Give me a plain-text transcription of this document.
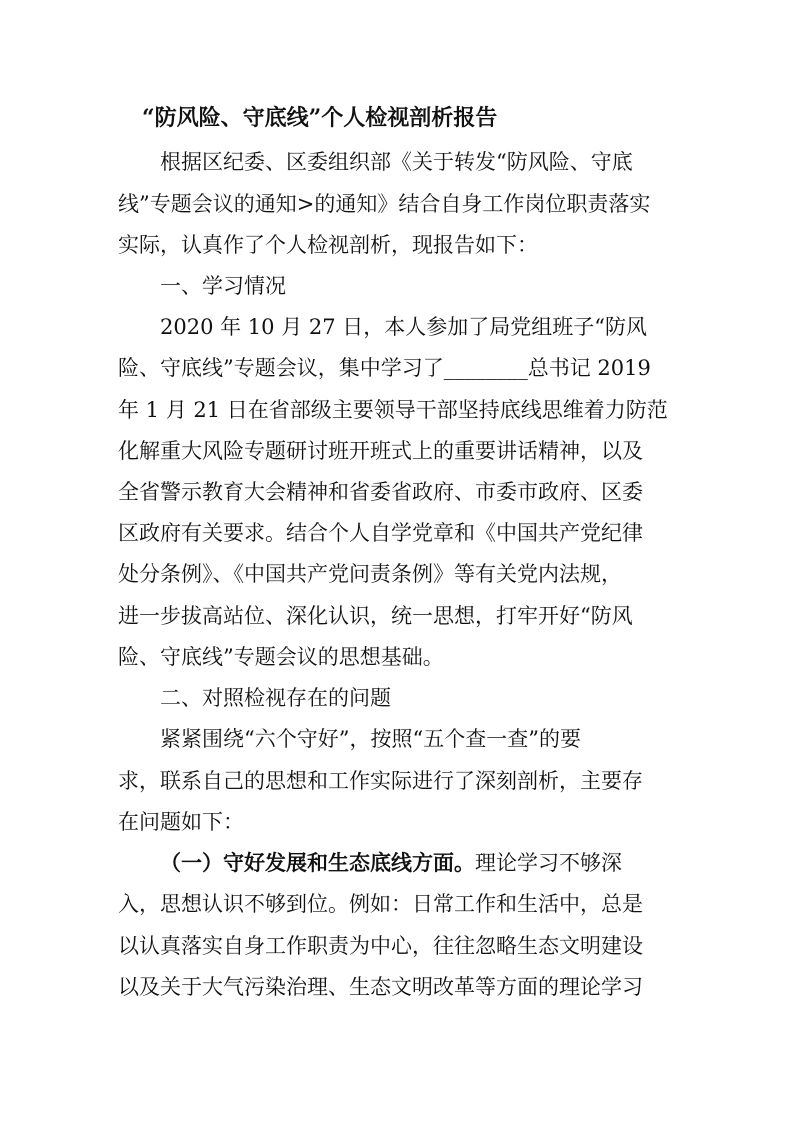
“防风险、守底线”个人检视剖析报告
根据区纪委、区委组织部《关于转发“防风险、守底
线”专题会议的通知>的通知》结合自身工作岗位职责落实
实际，认真作了个人检视剖析，现报告如下：
一、学习情况
2020 年 10 月 27 日，本人参加了局党组班子“防风
险、守底线”专题会议，集中学习了________总书记 2019
年 1 月 21 日在省部级主要领导干部坚持底线思维着力防范
化解重大风险专题研讨班开班式上的重要讲话精神，以及
全省警示教育大会精神和省委省政府、市委市政府、区委
区政府有关要求。结合个人自学党章和《中国共产党纪律
处分条例》、《中国共产党问责条例》等有关党内法规，
进一步拔高站位、深化认识，统一思想，打牢开好“防风
险、守底线”专题会议的思想基础。
二、对照检视存在的问题
紧紧围绕“六个守好”，按照“五个查一查”的要
求，联系自己的思想和工作实际进行了深刻剖析，主要存
在问题如下：
（一）守好发展和生态底线方面。理论学习不够深
入，思想认识不够到位。例如：日常工作和生活中，总是
以认真落实自身工作职责为中心，往往忽略生态文明建设
以及关于大气污染治理、生态文明改革等方面的理论学习
